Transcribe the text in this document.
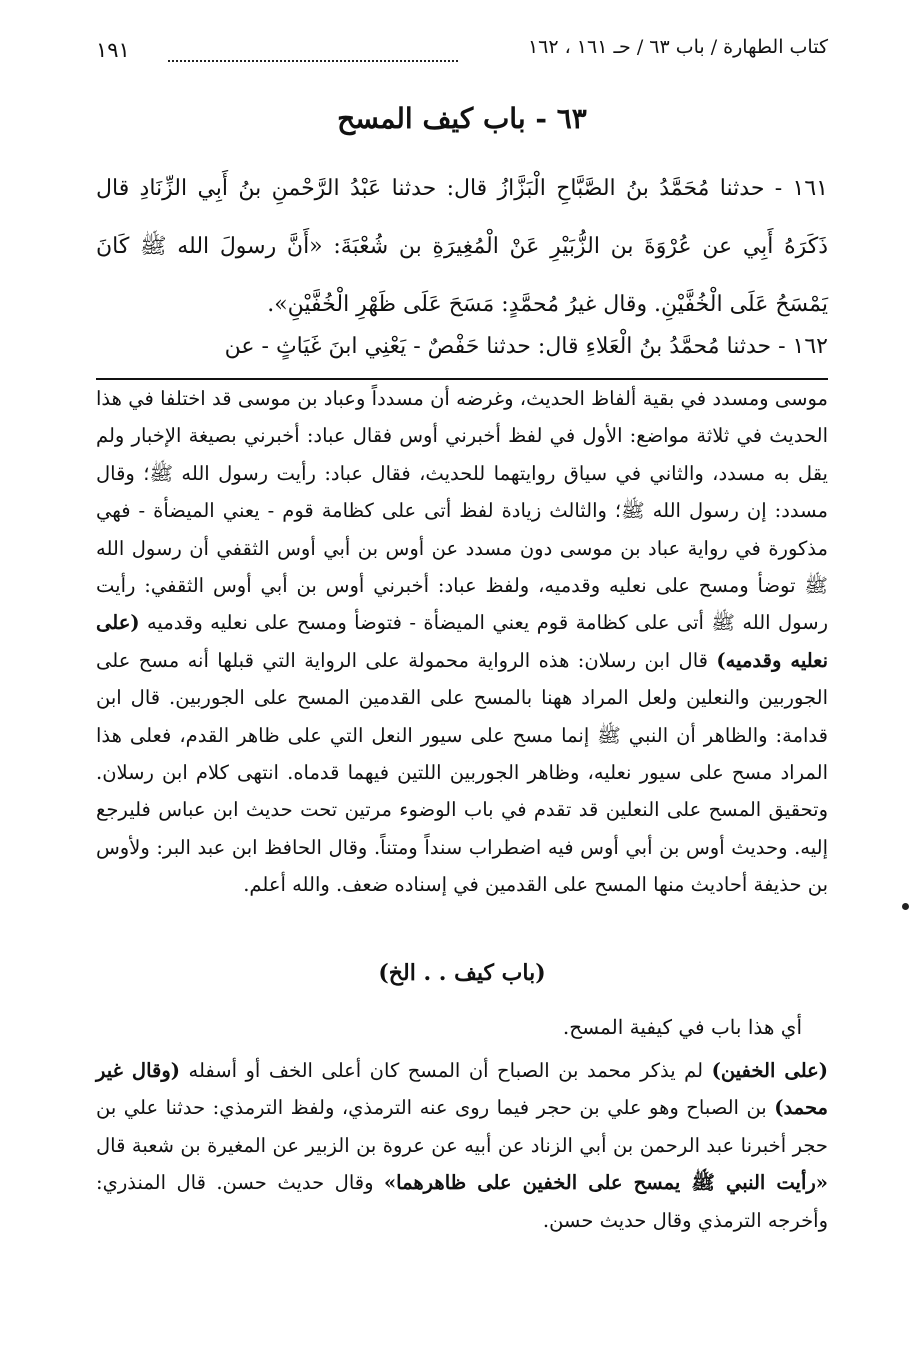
كتاب الطهارة / باب ٦٣ / حـ ١٦١ ، ١٦٢
١٩١
٦٣ - باب كيف المسح

١٦١ - حدثنا مُحَمَّدُ بنُ الصَّبَّاحِ الْبَزَّازُ قال: حدثنا عَبْدُ الرَّحْمنِ بنُ أَبِي الزِّنَادِ قال ذَكَرَهُ أَبِي عن عُرْوَةَ بن الزُّبَيْرِ عَنْ الْمُغِيرَةِ بن شُعْبَةَ: «أَنَّ رسولَ الله ﷺ كَانَ يَمْسَحُ عَلَى الْخُفَّيْنِ. وقال غيرُ مُحمَّدٍ: مَسَحَ عَلَى ظَهْرِ الْخُفَّيْنِ».

١٦٢ - حدثنا مُحمَّدُ بنُ الْعَلاءِ قال: حدثنا حَفْصٌ - يَعْنِي ابنَ غَيَاثٍ - عن

موسى ومسدد في بقية ألفاظ الحديث، وغرضه أن مسدداً وعباد بن موسى قد اختلفا في هذا الحديث في ثلاثة مواضع: الأول في لفظ أخبرني أوس فقال عباد: أخبرني بصيغة الإخبار ولم يقل به مسدد، والثاني في سياق روايتهما للحديث، فقال عباد: رأيت رسول الله ﷺ؛ وقال مسدد: إن رسول الله ﷺ؛ والثالث زيادة لفظ أتى على كظامة قوم - يعني الميضأة - فهي مذكورة في رواية عباد بن موسى دون مسدد عن أوس بن أبي أوس الثقفي أن رسول الله ﷺ توضأ ومسح على نعليه وقدميه، ولفظ عباد: أخبرني أوس بن أبي أوس الثقفي: رأيت رسول الله ﷺ أتى على كظامة قوم يعني الميضأة - فتوضأ ومسح على نعليه وقدميه (على نعليه وقدميه) قال ابن رسلان: هذه الرواية محمولة على الرواية التي قبلها أنه مسح على الجوربين والنعلين ولعل المراد ههنا بالمسح على القدمين المسح على الجوربين. قال ابن قدامة: والظاهر أن النبي ﷺ إنما مسح على سيور النعل التي على ظاهر القدم، فعلى هذا المراد مسح على سيور نعليه، وظاهر الجوربين اللتين فيهما قدماه. انتهى كلام ابن رسلان. وتحقيق المسح على النعلين قد تقدم في باب الوضوء مرتين تحت حديث ابن عباس فليرجع إليه. وحديث أوس بن أبي أوس فيه اضطراب سنداً ومتناً. وقال الحافظ ابن عبد البر: ولأوس بن حذيفة أحاديث منها المسح على القدمين في إسناده ضعف. والله أعلم.

(باب كيف . . الخ)

أي هذا باب في كيفية المسح.

(على الخفين) لم يذكر محمد بن الصباح أن المسح كان أعلى الخف أو أسفله (وقال غير محمد) بن الصباح وهو علي بن حجر فيما روى عنه الترمذي، ولفظ الترمذي: حدثنا علي بن حجر أخبرنا عبد الرحمن بن أبي الزناد عن أبيه عن عروة بن الزبير عن المغيرة بن شعبة قال «رأيت النبي ﷺ يمسح على الخفين على ظاهرهما» وقال حديث حسن. قال المنذري: وأخرجه الترمذي وقال حديث حسن.
